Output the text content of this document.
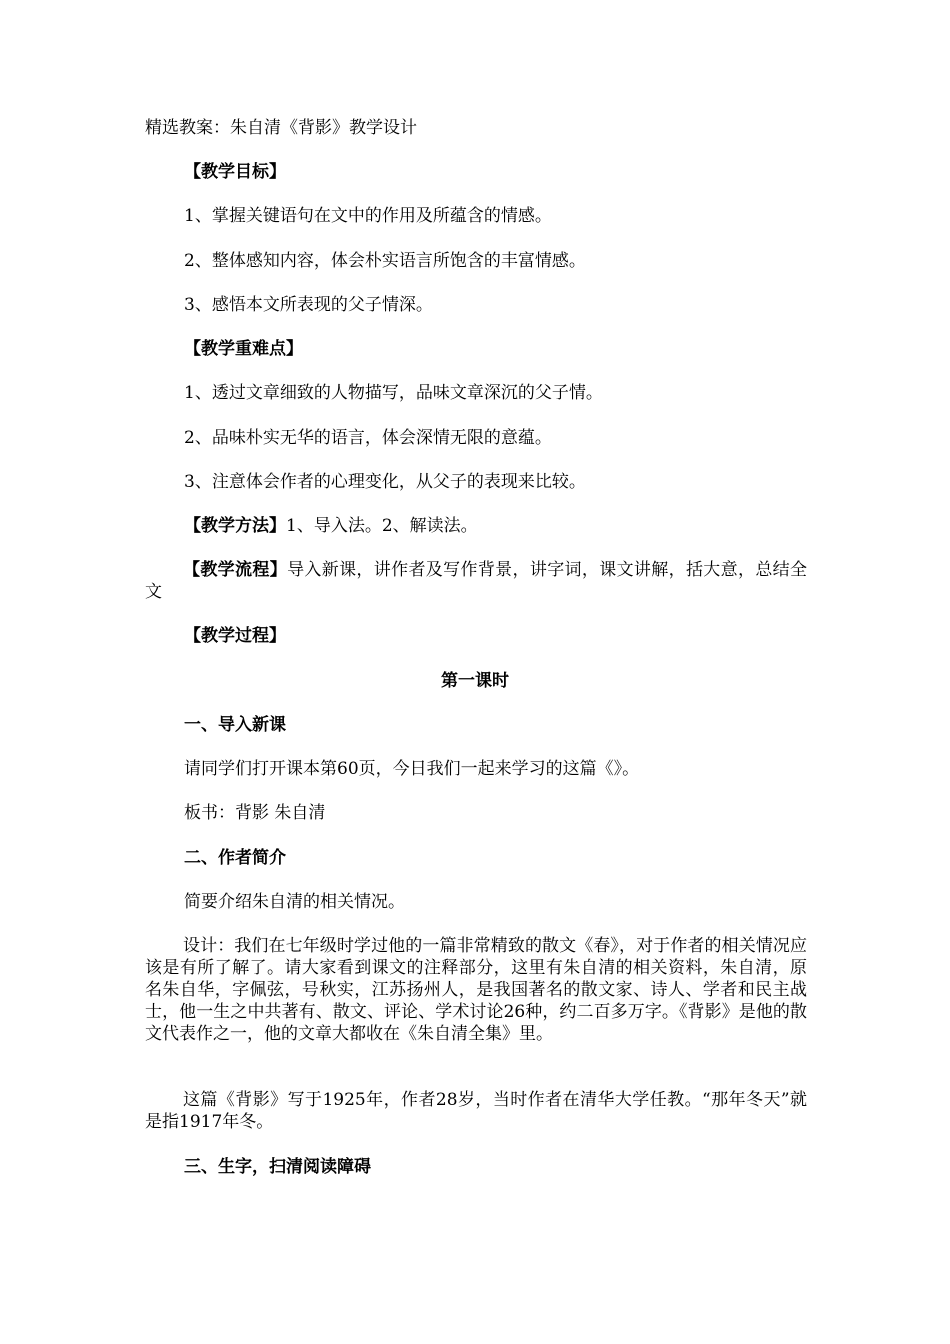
精选教案：朱自清《背影》教学设计
【教学目标】
1、掌握关键语句在文中的作用及所蕴含的情感。
2、整体感知内容，体会朴实语言所饱含的丰富情感。
3、感悟本文所表现的父子情深。
【教学重难点】
1、透过文章细致的人物描写，品味文章深沉的父子情。
2、品味朴实无华的语言，体会深情无限的意蕴。
3、注意体会作者的心理变化，从父子的表现来比较。
【教学方法】1、导入法。2、解读法。
【教学流程】导入新课，讲作者及写作背景，讲字词，课文讲解，括大意，总结全文
【教学过程】
第一课时
一、导入新课
请同学们打开课本第60页，今日我们一起来学习的这篇《》。
板书：背影 朱自清
二、作者简介
简要介绍朱自清的相关情况。
设计：我们在七年级时学过他的一篇非常精致的散文《春》，对于作者的相关情况应该是有所了解了。请大家看到课文的注释部分，这里有朱自清的相关资料，朱自清，原名朱自华，字佩弦，号秋实，江苏扬州人，是我国著名的散文家、诗人、学者和民主战士，他一生之中共著有、散文、评论、学术讨论26种，约二百多万字。《背影》是他的散文代表作之一，他的文章大都收在《朱自清全集》里。
这篇《背影》写于1925年，作者28岁，当时作者在清华大学任教。“那年冬天”就是指1917年冬。
三、生字，扫清阅读障碍
